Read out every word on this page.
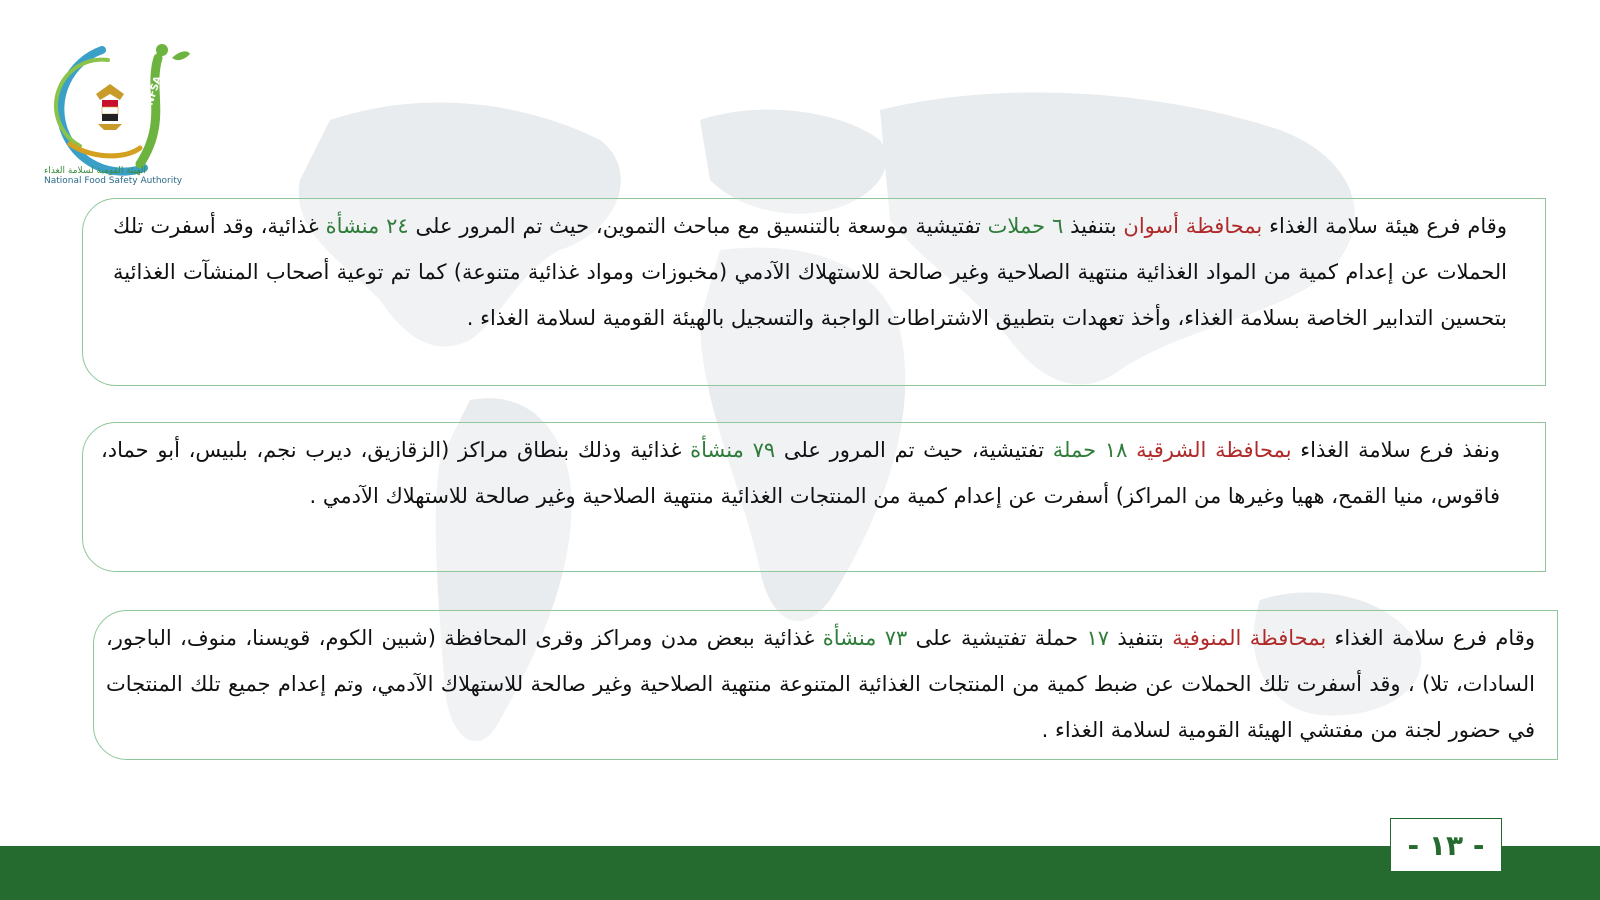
NFSA
الهيئة القومية لسلامة الغذاء
National Food Safety Authority

وقام فرع هيئة سلامة الغذاء بمحافظة أسوان بتنفيذ ٦ حملات تفتيشية موسعة بالتنسيق مع مباحث التموين، حيث تم المرور على ٢٤ منشأة غذائية، وقد أسفرت تلك الحملات عن إعدام كمية من المواد الغذائية منتهية الصلاحية وغير صالحة للاستهلاك الآدمي (مخبوزات ومواد غذائية متنوعة) كما تم توعية أصحاب المنشآت الغذائية بتحسين التدابير الخاصة بسلامة الغذاء، وأخذ تعهدات بتطبيق الاشتراطات الواجبة والتسجيل بالهيئة القومية لسلامة الغذاء .

ونفذ فرع سلامة الغذاء بمحافظة الشرقية ١٨ حملة تفتيشية، حيث تم المرور على ٧٩ منشأة غذائية وذلك بنطاق مراكز (الزقازيق، ديرب نجم، بلبيس، أبو حماد، فاقوس، منيا القمح، ههيا وغيرها من المراكز) أسفرت عن إعدام كمية من المنتجات الغذائية منتهية الصلاحية وغير صالحة للاستهلاك الآدمي .

وقام فرع سلامة الغذاء بمحافظة المنوفية بتنفيذ ١٧ حملة تفتيشية على ٧٣ منشأة غذائية ببعض مدن ومراكز وقرى المحافظة (شبين الكوم، قويسنا، منوف، الباجور، السادات، تلا) ، وقد أسفرت تلك الحملات عن ضبط كمية من المنتجات الغذائية المتنوعة منتهية الصلاحية وغير صالحة للاستهلاك الآدمي، وتم إعدام جميع تلك المنتجات في حضور لجنة من مفتشي الهيئة القومية لسلامة الغذاء .

- ١٣ -
